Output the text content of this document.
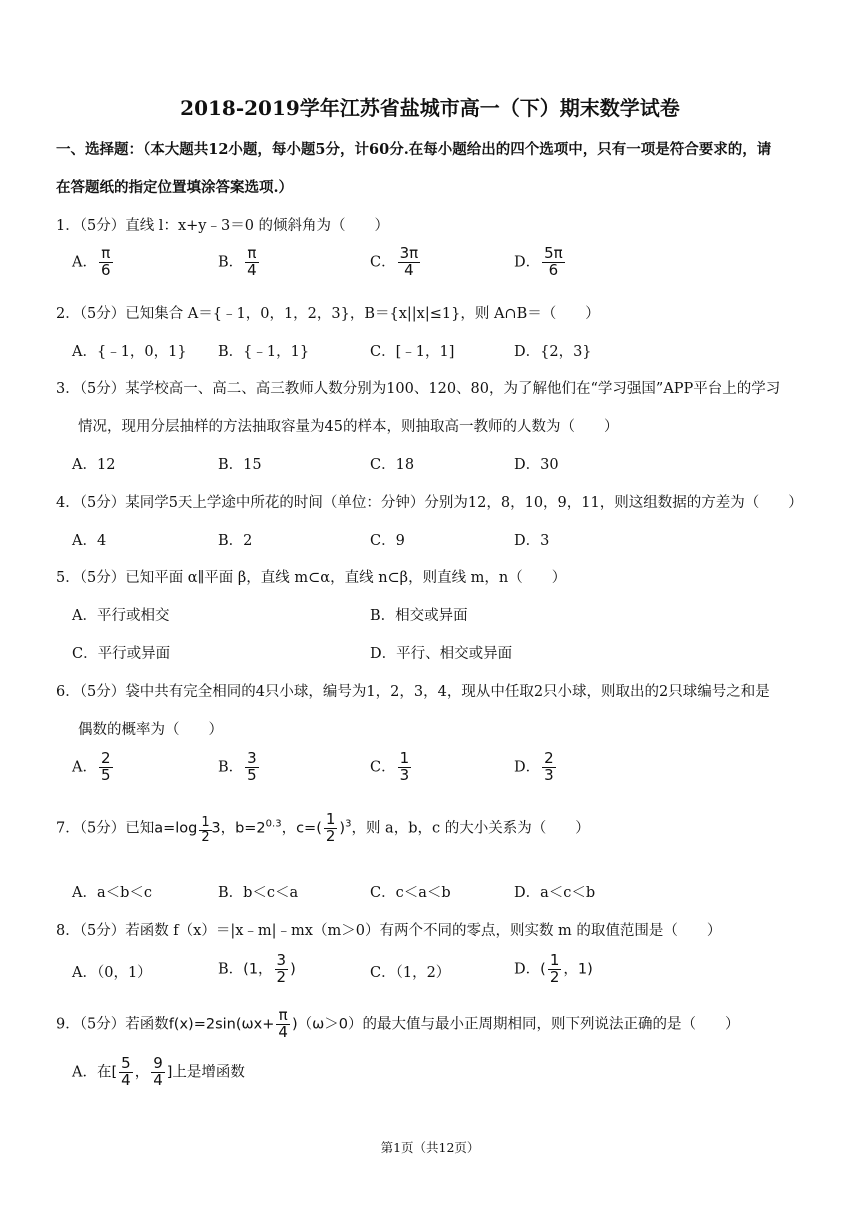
2018-2019学年江苏省盐城市高一（下）期末数学试卷
一、选择题：（本大题共12小题，每小题5分，计60分.在每小题给出的四个选项中，只有一项是符合要求的，请
在答题纸的指定位置填涂答案选项.）
1．（5分）直线 l：x+y﹣3＝0 的倾斜角为（　　）
A． $\frac{\pi}{6}$	B． $\frac{\pi}{4}$	C． $\frac{3\pi}{4}$	D． $\frac{5\pi}{6}$
2．（5分）已知集合 A＝{﹣1，0，1，2，3}，B＝{x||x|≤1}，则 A∩B＝（　　）
A．{﹣1，0，1} B．{﹣1，1}	C．[﹣1，1]	D．{2，3}
3．（5分）某学校高一、高二、高三教师人数分别为100、120、80，为了解他们在“学习强国”APP平台上的学习
情况，现用分层抽样的方法抽取容量为45的样本，则抽取高一教师的人数为（　　）
A．12	B．15	C．18	D．30
4．（5分）某同学5天上学途中所花的时间（单位：分钟）分别为12，8，10，9，11，则这组数据的方差为（　　）
A．4	B．2	C．9	D．3
5．（5分）已知平面 α∥平面 β，直线 m⊂α，直线 n⊂β，则直线 m，n（　　）
A．平行或相交	B．相交或异面
C．平行或异面	D．平行、相交或异面
6．（5分）袋中共有完全相同的4只小球，编号为1，2，3，4，现从中任取2只小球，则取出的2只球编号之和是
偶数的概率为（　　）
A． $\frac{2}{5}$	B． $\frac{3}{5}$	C． $\frac{1}{3}$	D． $\frac{2}{3}$
7．（5分）已知$a=\log \frac{1}{2} 3$，$b=2^{0.3}$，$c=( \frac{1}{2} )^3$，则 a，b，c 的大小关系为（　　）
A．a＜b＜c	B．b＜c＜a	C．c＜a＜b	D．a＜c＜b
8．（5分）若函数 f（x）＝|x﹣m|﹣mx（m＞0）有两个不同的零点，则实数 m 的取值范围是（　　）
A．（0，1）	B．(1， $\frac{3}{2}$ )	C．（1，2）	D．( $\frac{1}{2}$ ，1)
9．（5分）若函数$f(x)=2\sin(\omega x+ \frac{\pi}{4} )(\omega>0)$的最大值与最小正周期相同，则下列说法正确的是（　　）
A．在[ $\frac{5}{4}$ ， $\frac{9}{4}$ ]上是增函数
第1页（共12页）
